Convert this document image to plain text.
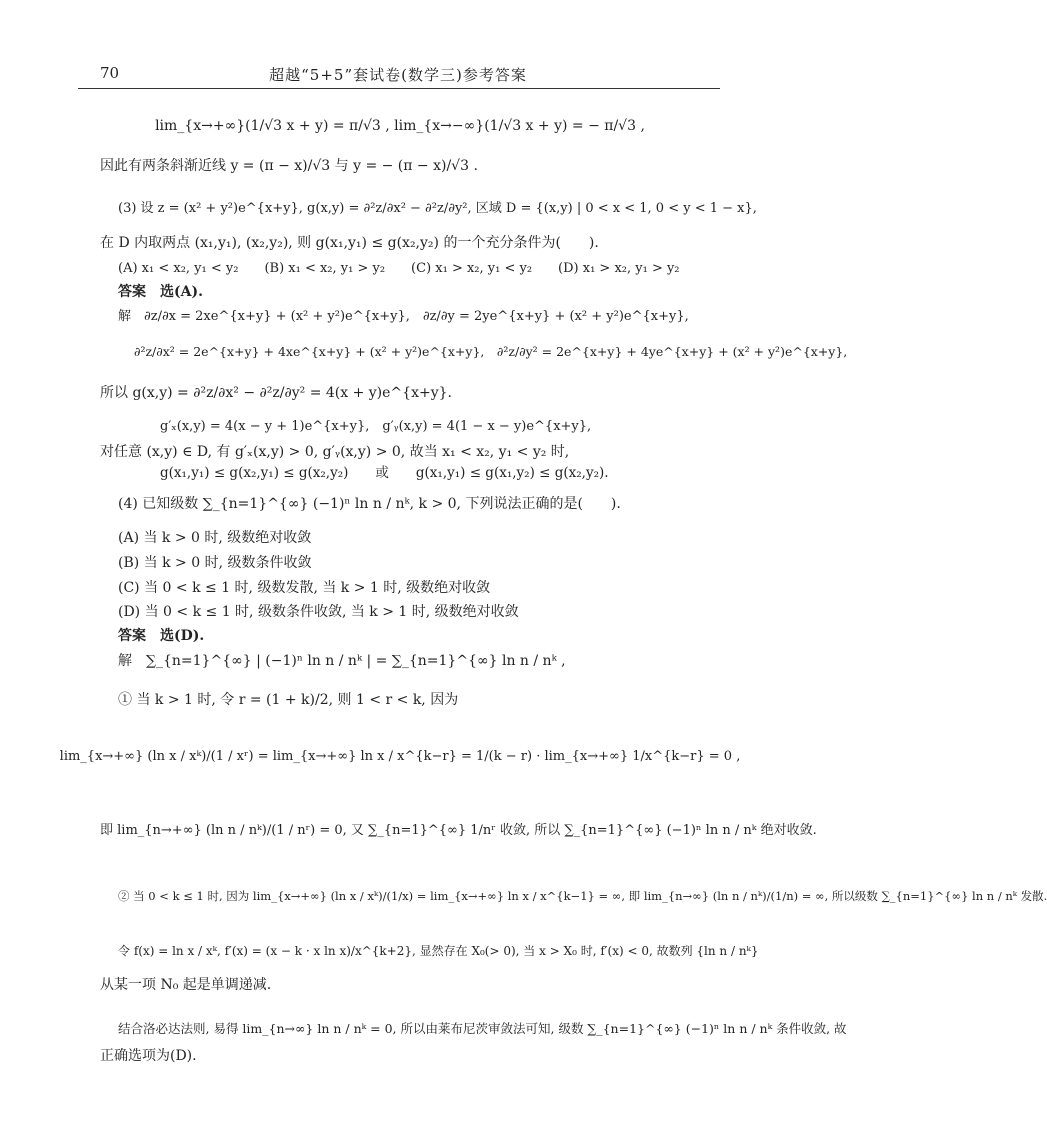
70	超越“5+5”套试卷(数学三)参考答案
lim_{x→+∞}(1/√3 x + y) = π/√3 , lim_{x→−∞}(1/√3 x + y) = − π/√3 ,
因此有两条斜渐近线 y = (π − x)/√3 与 y = − (π − x)/√3 .
(3) 设 z = (x² + y²)e^{x+y}, g(x,y) = ∂²z/∂x² − ∂²z/∂y², 区域 D = {(x,y) | 0 < x < 1, 0 < y < 1 − x},
在 D 内取两点 (x₁,y₁), (x₂,y₂), 则 g(x₁,y₁) ≤ g(x₂,y₂) 的一个充分条件为(　　).
(A) x₁ < x₂, y₁ < y₂　　(B) x₁ < x₂, y₁ > y₂　　(C) x₁ > x₂, y₁ < y₂　　(D) x₁ > x₂, y₁ > y₂
答案　选(A).
解　∂z/∂x = 2xe^{x+y} + (x² + y²)e^{x+y},　∂z/∂y = 2ye^{x+y} + (x² + y²)e^{x+y},
∂²z/∂x² = 2e^{x+y} + 4xe^{x+y} + (x² + y²)e^{x+y},　∂²z/∂y² = 2e^{x+y} + 4ye^{x+y} + (x² + y²)e^{x+y},
所以 g(x,y) = ∂²z/∂x² − ∂²z/∂y² = 4(x + y)e^{x+y}.
g′ₓ(x,y) = 4(x − y + 1)e^{x+y},　g′ᵧ(x,y) = 4(1 − x − y)e^{x+y},
对任意 (x,y) ∈ D, 有 g′ₓ(x,y) > 0, g′ᵧ(x,y) > 0, 故当 x₁ < x₂, y₁ < y₂ 时,
g(x₁,y₁) ≤ g(x₂,y₁) ≤ g(x₂,y₂)　　或　　g(x₁,y₁) ≤ g(x₁,y₂) ≤ g(x₂,y₂).
(4) 已知级数 ∑_{n=1}^{∞} (−1)ⁿ ln n / nᵏ, k > 0, 下列说法正确的是(　　).
(A) 当 k > 0 时, 级数绝对收敛
(B) 当 k > 0 时, 级数条件收敛
(C) 当 0 < k ≤ 1 时, 级数发散, 当 k > 1 时, 级数绝对收敛
(D) 当 0 < k ≤ 1 时, 级数条件收敛, 当 k > 1 时, 级数绝对收敛
答案　选(D).
解　∑_{n=1}^{∞} | (−1)ⁿ ln n / nᵏ | = ∑_{n=1}^{∞} ln n / nᵏ ,
① 当 k > 1 时, 令 r = (1 + k)/2, 则 1 < r < k, 因为
lim_{x→+∞} (ln x / xᵏ)/(1 / xʳ) = lim_{x→+∞} ln x / x^{k−r} = 1/(k − r) · lim_{x→+∞} 1/x^{k−r} = 0 ,
即 lim_{n→+∞} (ln n / nᵏ)/(1 / nʳ) = 0, 又 ∑_{n=1}^{∞} 1/nʳ 收敛, 所以 ∑_{n=1}^{∞} (−1)ⁿ ln n / nᵏ 绝对收敛.
② 当 0 < k ≤ 1 时, 因为 lim_{x→+∞} (ln x / xᵏ)/(1/x) = lim_{x→+∞} ln x / x^{k−1} = ∞, 即 lim_{n→∞} (ln n / nᵏ)/(1/n) = ∞, 所以级数 ∑_{n=1}^{∞} ln n / nᵏ 发散.
令 f(x) = ln x / xᵏ, f′(x) = (x − k · x ln x)/x^{k+2}, 显然存在 X₀(> 0), 当 x > X₀ 时, f′(x) < 0, 故数列 {ln n / nᵏ}
从某一项 N₀ 起是单调递减.
结合洛必达法则, 易得 lim_{n→∞} ln n / nᵏ = 0, 所以由莱布尼茨审敛法可知, 级数 ∑_{n=1}^{∞} (−1)ⁿ ln n / nᵏ 条件收敛, 故
正确选项为(D).
